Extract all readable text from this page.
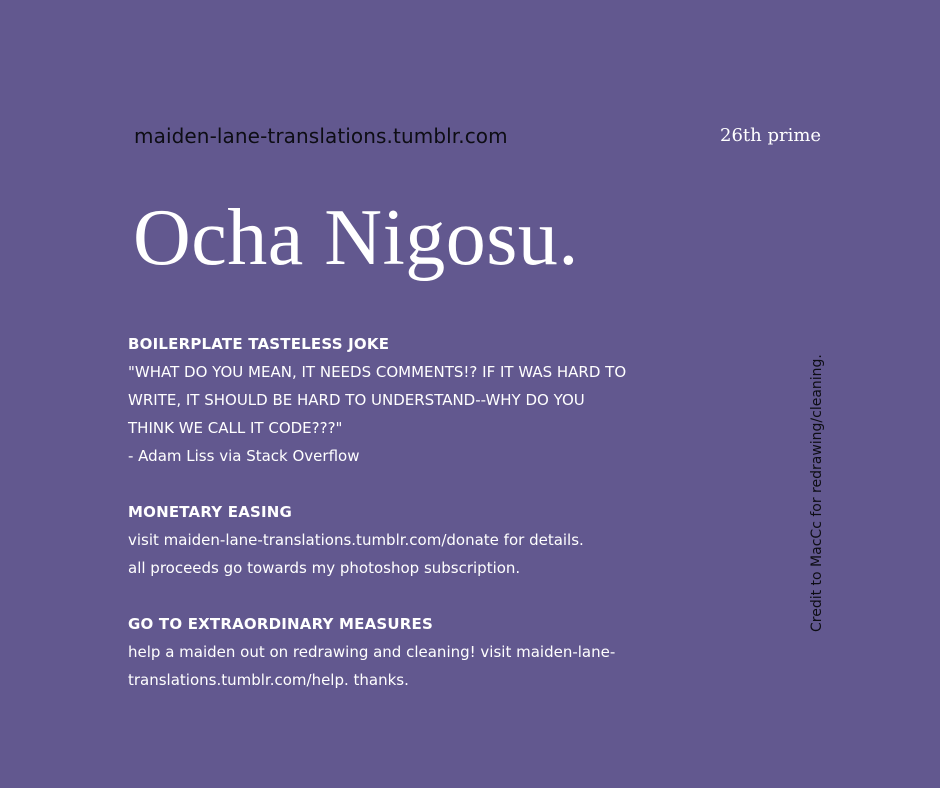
maiden-lane-translations.tumblr.com	26th prime
Ocha Nigosu.
BOILERPLATE TASTELESS JOKE
"WHAT DO YOU MEAN, IT NEEDS COMMENTS!? IF IT WAS HARD TO
WRITE, IT SHOULD BE HARD TO UNDERSTAND--WHY DO YOU
THINK WE CALL IT CODE???"
- Adam Liss via Stack Overflow
MONETARY EASING
visit maiden-lane-translations.tumblr.com/donate for details.
all proceeds go towards my photoshop subscription.
GO TO EXTRAORDINARY MEASURES
help a maiden out on redrawing and cleaning! visit maiden-lane-
translations.tumblr.com/help. thanks.
Credit to MacCc for redrawing/cleaning.
